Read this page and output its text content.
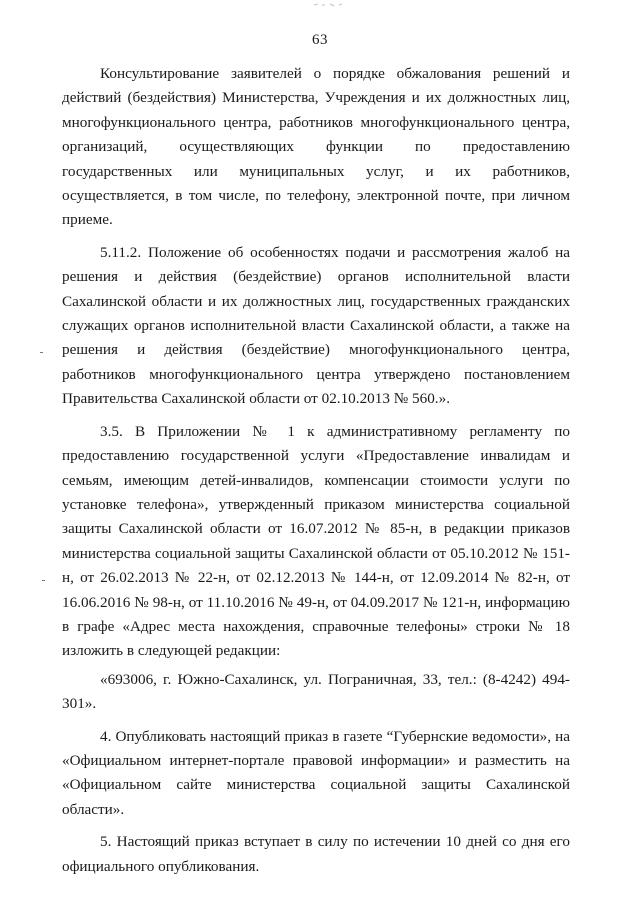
63

Консультирование заявителей о порядке обжалования решений и действий (бездействия) Министерства, Учреждения и их должностных лиц, многофункционального центра, работников многофункционального центра, организаций, осуществляющих функции по предоставлению государственных или муниципальных услуг, и их работников, осуществляется, в том числе, по телефону, электронной почте, при личном приеме.

5.11.2. Положение об особенностях подачи и рассмотрения жалоб на решения и действия (бездействие) органов исполнительной власти Сахалинской области и их должностных лиц, государственных гражданских служащих органов исполнительной власти Сахалинской области, а также на решения и действия (бездействие) многофункционального центра, работников многофункционального центра утверждено постановлением Правительства Сахалинской области от 02.10.2013 № 560.».

3.5. В Приложении № 1 к административному регламенту по предоставлению государственной услуги «Предоставление инвалидам и семьям, имеющим детей-инвалидов, компенсации стоимости услуги по установке телефона», утвержденный приказом министерства социальной защиты Сахалинской области от 16.07.2012 № 85-н, в редакции приказов министерства социальной защиты Сахалинской области от 05.10.2012 № 151-н, от 26.02.2013 № 22-н, от 02.12.2013 № 144-н, от 12.09.2014 № 82-н, от 16.06.2016 № 98-н, от 11.10.2016 № 49-н, от 04.09.2017 № 121-н, информацию в графе «Адрес места нахождения, справочные телефоны» строки № 18 изложить в следующей редакции:

«693006, г. Южно-Сахалинск, ул. Пограничная, 33, тел.: (8-4242) 494-301».

4. Опубликовать настоящий приказ в газете “Губернские ведомости», на «Официальном интернет-портале правовой информации» и разместить на «Официальном сайте министерства социальной защиты Сахалинской области».

5. Настоящий приказ вступает в силу по истечении 10 дней со дня его официального опубликования.
